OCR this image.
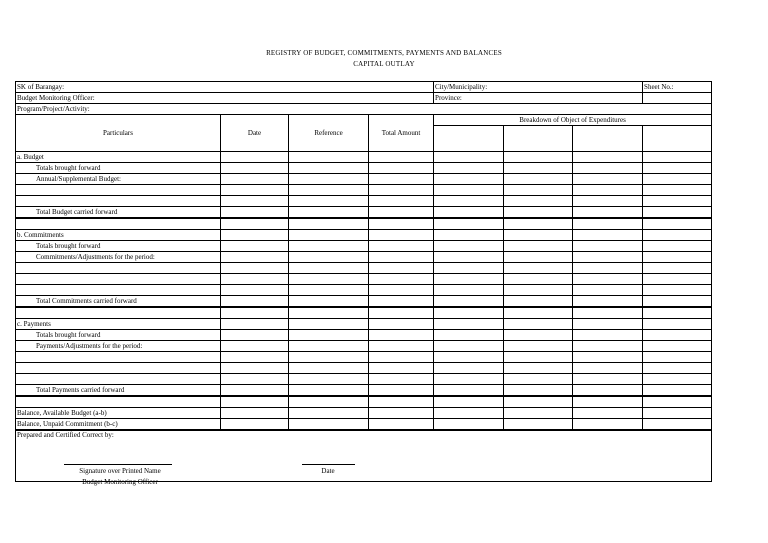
REGISTRY OF BUDGET, COMMITMENTS, PAYMENTS AND BALANCES
CAPITAL OUTLAY
SK of Barangay:				City/Municipality:			Sheet No.:
Budget Monitoring Officer:				Province:			
Program/Project/Activity:							
Particulars	Date	Reference	Total Amount	Breakdown of Object of Expenditures			

a. Budget							
Totals brought forward							
Annual/Supplemental Budget:							

Total Budget carried forward							

b. Commitments							
Totals brought forward							
Commitments/Adjustments for the period:							

Total Commitments carried forward							

c. Payments							
Totals brought forward							
Payments/Adjustments for the period:							

Total Payments carried forward							

Balance, Available Budget (a-b)							
Balance, Unpaid Commitment (b-c)							
Prepared and Certified Correct by:							
Signature over Printed Name
Budget Monitoring Officer
Date
